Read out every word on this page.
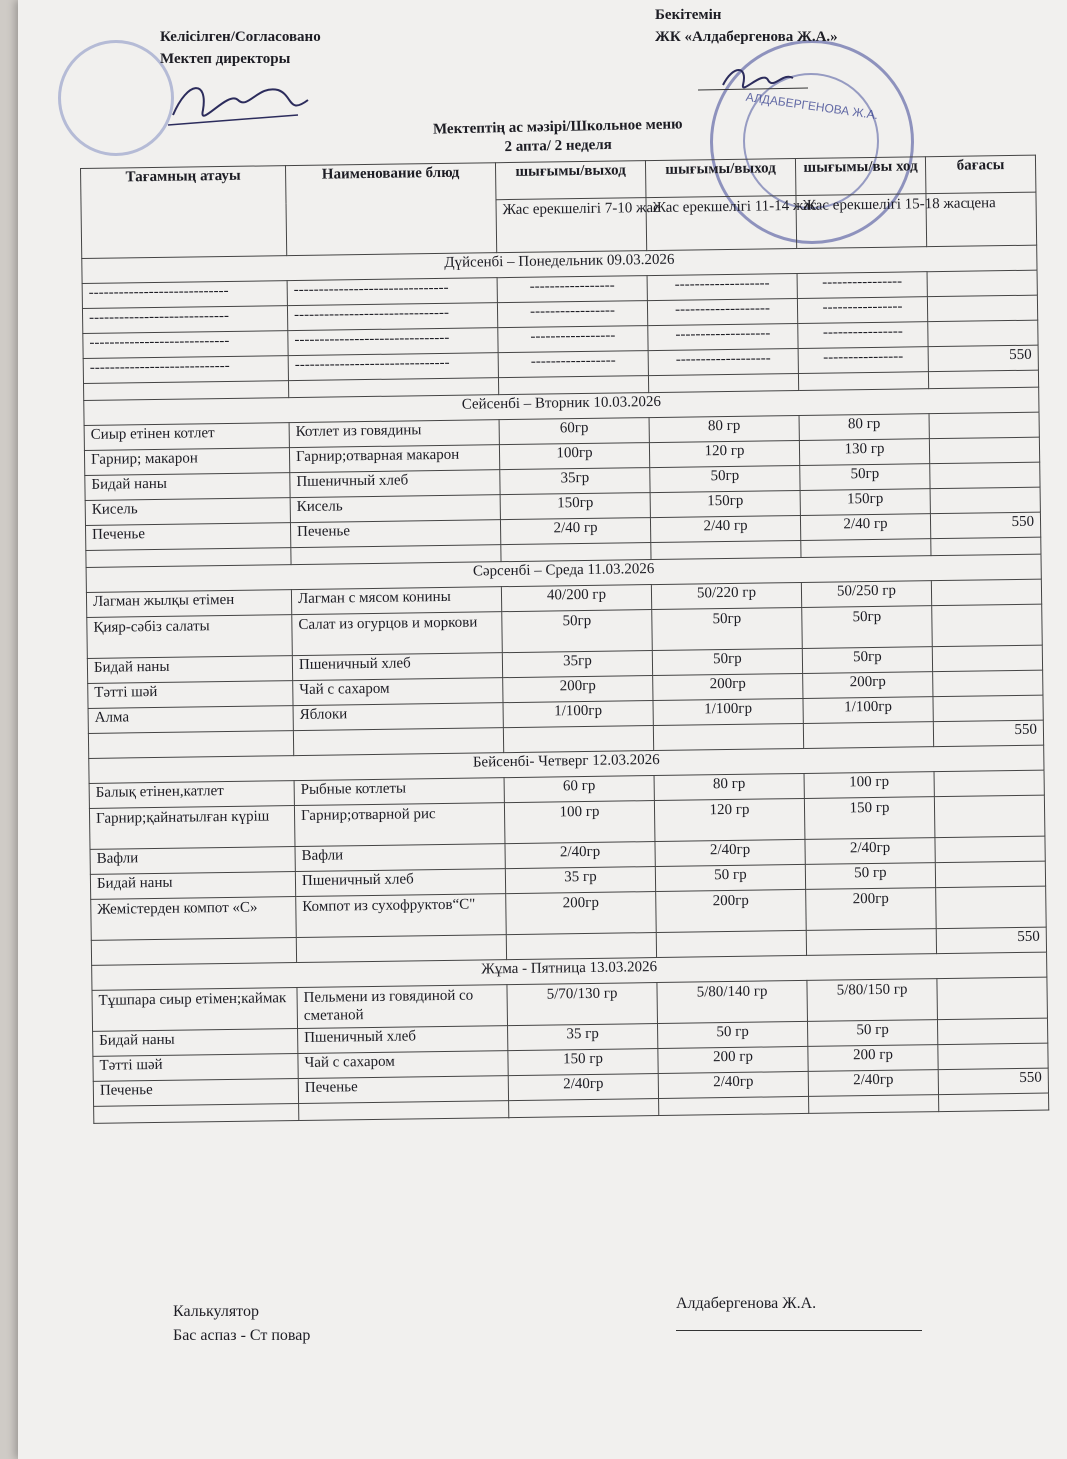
АЛДАБЕРГЕНОВА Ж.А.
Келісілген/Согласовано
Мектеп директоры
Бекітемін
ЖК «Алдабергенова Ж.А.»
Мектептің ас мәзірі/Школьное меню
2 апта/ 2 неделя
Тағамның атауы	Наименование блюд	шығымы/выход	шығымы/выход	шығымы/вы ход	бағасы
		Жас ерекшелігі 7-10 жас	Жас ерекшелігі 11-14 жас	Жас ерекшелігі 15-18 жас	цена
Дүйсенбі – Понедельник 09.03.2026					
----------------------------	-------------------------------	-----------------	-------------------	----------------	
----------------------------	-------------------------------	-----------------	-------------------	----------------	
----------------------------	-------------------------------	-----------------	-------------------	----------------	
----------------------------	-------------------------------	-----------------	-------------------	----------------	550

Сейсенбі – Вторник 10.03.2026					
Сиыр етінен котлет	Котлет из говядины	60гр	80 гр	80 гр	
Гарнир; макарон	Гарнир;отварная макарон	100гр	120 гр	130 гр	
Бидай наны	Пшеничный хлеб	35гр	50гр	50гр	
Кисель	Кисель	150гр	150гр	150гр	
Печенье	Печенье	2/40 гр	2/40 гр	2/40 гр	550

Сәрсенбі – Среда 11.03.2026					
Лагман жылқы етімен	Лагман с мясом конины	40/200 гр	50/220 гр	50/250 гр	
Қияр-сәбіз салаты	Салат из огурцов и моркови	50гр	50гр	50гр	
Бидай наны	Пшеничный хлеб	35гр	50гр	50гр	
Тәтті шәй	Чай с сахаром	200гр	200гр	200гр	
Алма	Яблоки	1/100гр	1/100гр	1/100гр	
					550
Бейсенбі- Четверг 12.03.2026					
Балық етінен,катлет	Рыбные котлеты	60 гр	80 гр	100 гр	
Гарнир;қайнатылған күріш	Гарнир;отварной рис	100 гр	120 гр	150 гр	
Вафли	Вафли	2/40гр	2/40гр	2/40гр	
Бидай наны	Пшеничный хлеб	35 гр	50 гр	50 гр	
Жемістерден компот «С»	Компот из сухофруктов“С"	200гр	200гр	200гр	
					550
Жұма - Пятница 13.03.2026					
Тұшпара сиыр етімен;каймак	Пельмени из говядиной со сметаной	5/70/130 гр	5/80/140 гр	5/80/150 гр	
Бидай наны	Пшеничный хлеб	35 гр	50 гр	50 гр	
Тәтті шәй	Чай с сахаром	150 гр	200 гр	200 гр	
Печенье	Печенье	2/40гр	2/40гр	2/40гр	550

Калькулятор
Бас аспаз - Ст повар
Алдабергенова Ж.А.
